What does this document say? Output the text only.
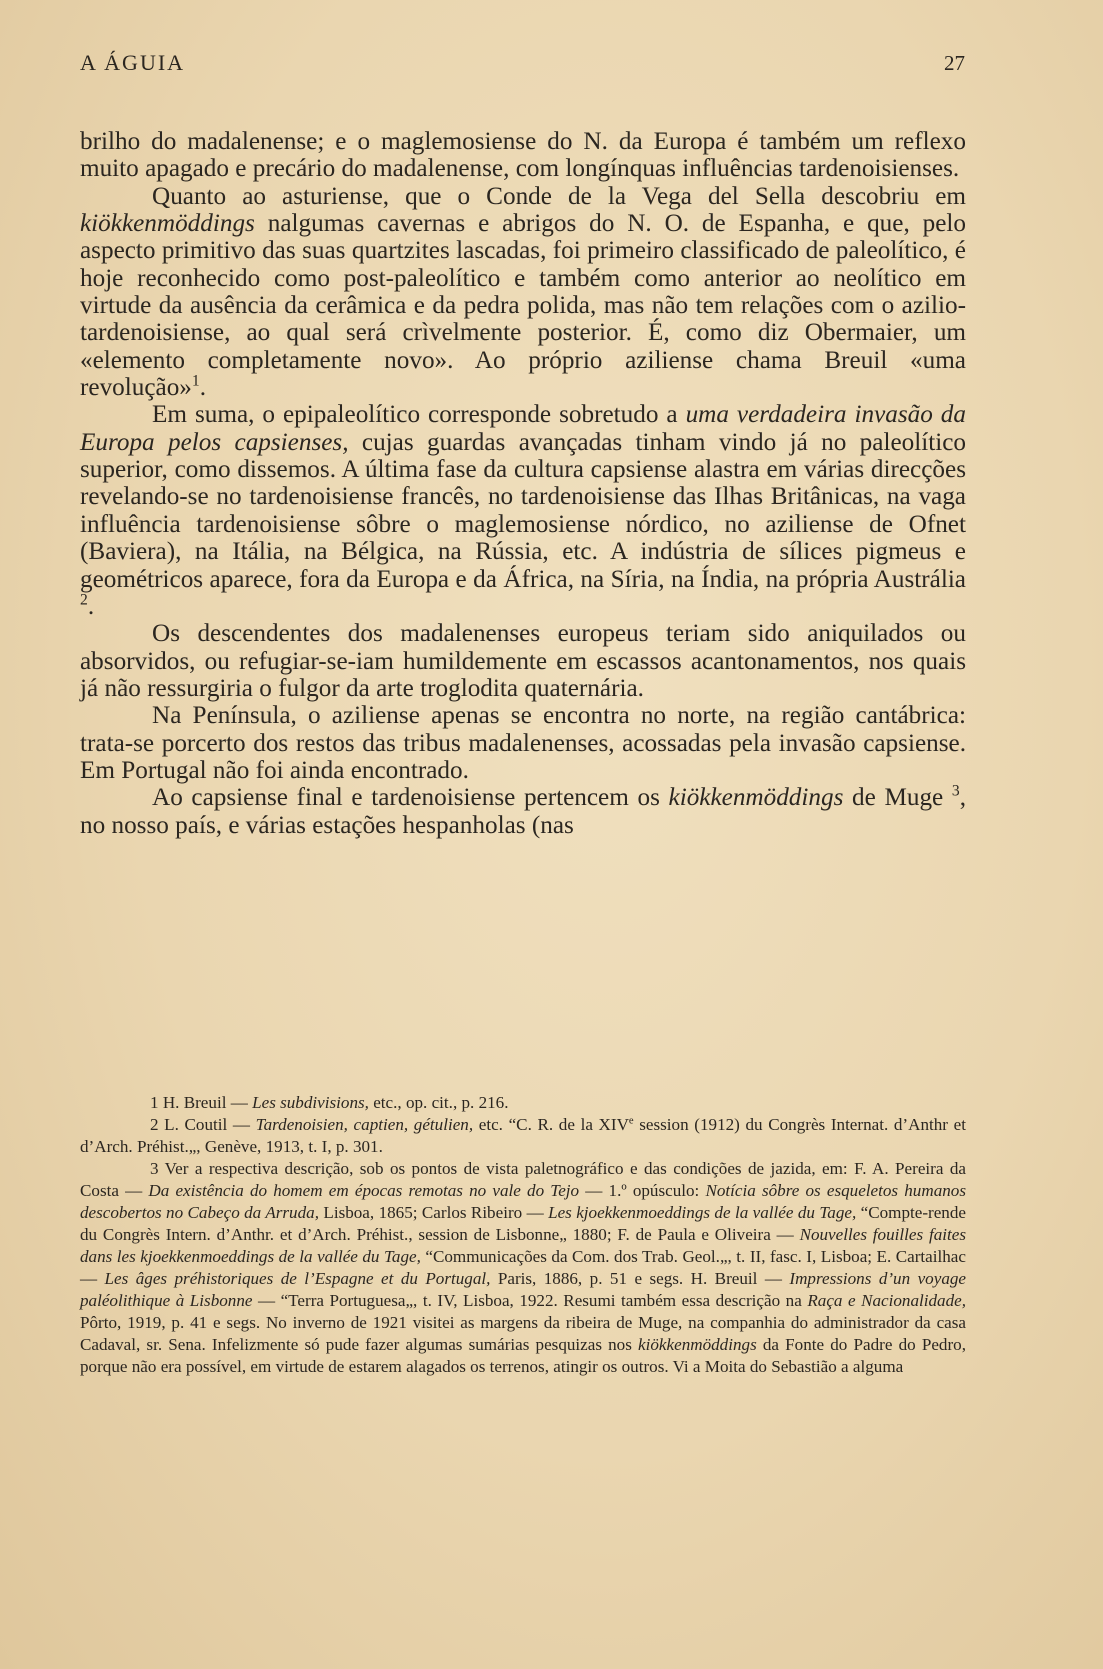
A ÁGUIA	27

brilho do madalenense; e o maglemosiense do N. da Europa é também um reflexo muito apagado e precário do madalenense, com longínquas influências tardenoisienses.

Quanto ao asturiense, que o Conde de la Vega del Sella descobriu em kiökkenmöddings nalgumas cavernas e abrigos do N. O. de Espanha, e que, pelo aspecto primitivo das suas quartzites lascadas, foi primeiro classificado de paleolítico, é hoje reconhecido como post-paleolítico e também como anterior ao neolítico em virtude da ausência da cerâmica e da pedra polida, mas não tem relações com o azilio-tardenoisiense, ao qual será crìvelmente posterior. É, como diz Obermaier, um «elemento completamente novo». Ao próprio aziliense chama Breuil «uma revolução»$^1$.

Em suma, o epipaleolítico corresponde sobretudo a uma verdadeira invasão da Europa pelos capsienses, cujas guardas avançadas tinham vindo já no paleolítico superior, como dissemos. A última fase da cultura capsiense alastra em várias direcções revelando-se no tardenoisiense francês, no tardenoisiense das Ilhas Britânicas, na vaga influência tardenoisiense sôbre o maglemosiense nórdico, no aziliense de Ofnet (Baviera), na Itália, na Bélgica, na Rússia, etc. A indústria de sílices pigmeus e geométricos aparece, fora da Europa e da África, na Síria, na Índia, na própria Austrália $^2$.

Os descendentes dos madalenenses europeus teriam sido aniquilados ou absorvidos, ou refugiar-se-iam humildemente em escassos acantonamentos, nos quais já não ressurgiria o fulgor da arte troglodita quaternária.

Na Península, o aziliense apenas se encontra no norte, na região cantábrica: trata-se porcerto dos restos das tribus madalenenses, acossadas pela invasão capsiense. Em Portugal não foi ainda encontrado.

Ao capsiense final e tardenoisiense pertencem os kiökkenmöddings de Muge $^3$, no nosso país, e várias estações hespanholas (nas

1 H. Breuil — Les subdivisions, etc., op. cit., p. 216.

2 L. Coutil — Tardenoisien, captien, gétulien, etc. “C. R. de la XIVe session (1912) du Congrès Internat. d’Anthr et d’Arch. Préhist.„, Genève, 1913, t. I, p. 301.

3 Ver a respectiva descrição, sob os pontos de vista paletnográfico e das condições de jazida, em: F. A. Pereira da Costa — Da existência do homem em épocas remotas no vale do Tejo — 1.º opúsculo: Notícia sôbre os esqueletos humanos descobertos no Cabeço da Arruda, Lisboa, 1865; Carlos Ribeiro — Les kjoekkenmoeddings de la vallée du Tage, “Compte-rende du Congrès Intern. d’Anthr. et d’Arch. Préhist., session de Lisbonne„ 1880; F. de Paula e Oliveira — Nouvelles fouilles faites dans les kjoekkenmoeddings de la vallée du Tage, “Communicações da Com. dos Trab. Geol.„, t. II, fasc. I, Lisboa; E. Cartailhac — Les âges préhistoriques de l’Espagne et du Portugal, Paris, 1886, p. 51 e segs. H. Breuil — Impressions d’un voyage paléolithique à Lisbonne — “Terra Portuguesa„, t. IV, Lisboa, 1922. Resumi também essa descrição na Raça e Nacionalidade, Pôrto, 1919, p. 41 e segs. No inverno de 1921 visitei as margens da ribeira de Muge, na companhia do administrador da casa Cadaval, sr. Sena. Infelizmente só pude fazer algumas sumárias pesquizas nos kiökkenmöddings da Fonte do Padre do Pedro, porque não era possível, em virtude de estarem alagados os terrenos, atingir os outros. Vi a Moita do Sebastião a alguma
